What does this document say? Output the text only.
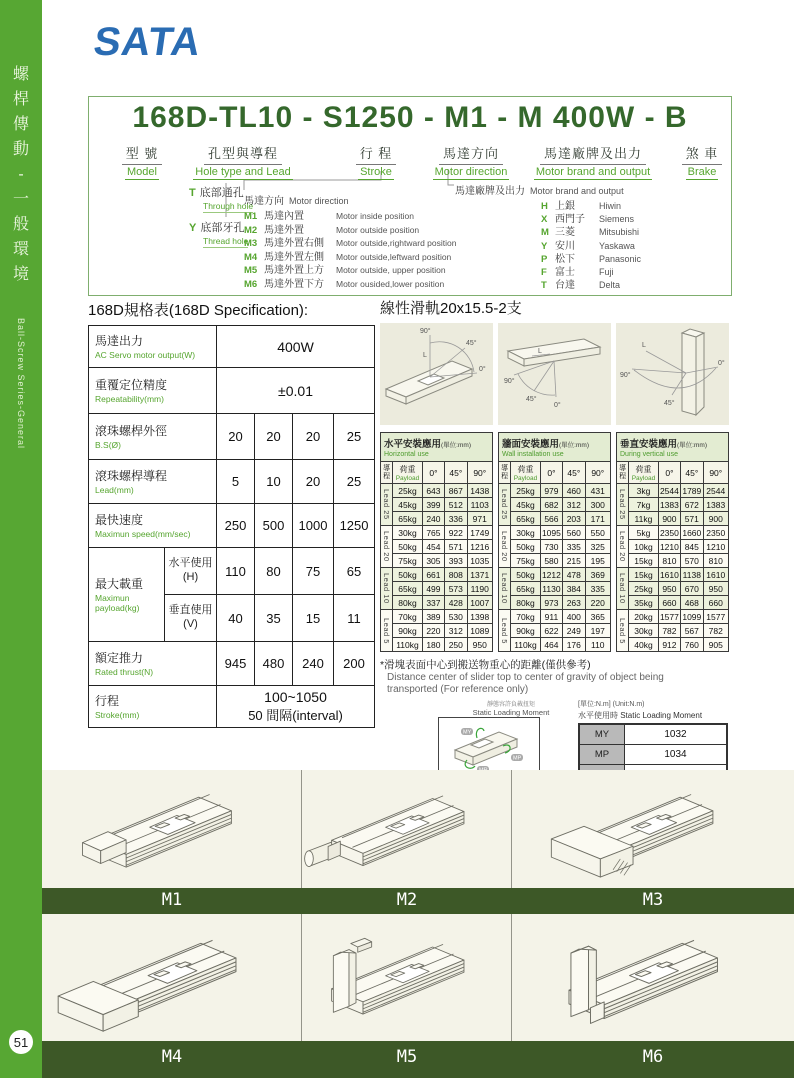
螺
桿
傳
動
-
一
般
環
境
Ball-Screw Series-General
51
SATA
168D-TL10 - S1250 - M1 - M 400W - B
型 號
Model
孔型與導程
Hole type and Lead
行 程
Stroke
馬達方向
Motor direction
馬達廠牌及出力
Motor brand and output
煞 車
Brake
T 底部通孔
Through hole
Y 底部牙孔
Thread hole
馬達方向 Motor direction
M1 馬達內置	Motor inside position
M2 馬達外置	Motor outside position
M3 馬達外置右側	Motor outside,rightward position
M4 馬達外置左側	Motor outside,leftward position
M5 馬達外置上方	Motor outside, upper position
M6 馬達外置下方	Motor ousided,lower position
馬達廠牌及出力 Motor brand and output
H 上銀	Hiwin
X 西門子	Siemens
M 三菱	Mitsubishi
Y 安川	Yaskawa
P 松下	Panasonic
F 富士	Fuji
T 台達	Delta
168D規格表(168D Specification):
馬達出力
AC Servo motor output(W)		400W			

重覆定位精度
Repeatability(mm)		±0.01			

滾珠螺桿外徑
B.S(Ø)		20	20	20	25

滾珠螺桿導程
Lead(mm)		5	10	20	25

最快速度
Maximun speed(mm/sec)		250	500	1000	1250

最大載重
Maximun payload(kg)

水平使用
(H)	110	80	75	65

	垂直使用
(V)	40	35	15	11

額定推力
Rated thrust(N)		945	480	240	200

行程
Stroke(mm)		100~1050
50 間隔(interval)			
線性滑軌20x15.5-2支
90°
L
45°
0°
L
90°
45°
0°
L
90°
45°
0°
水平安裝應用(單位:mm)
Horizontal use				

導程	荷重
Payload	0°	45°	90°

Lead 25	25kg	643	867	1438
	45kg	399	512	1103
	65kg	240	336	971

Lead 20	30kg	765	922	1749
	50kg	454	571	1216
	75kg	305	393	1035

Lead 10	50kg	661	808	1371
	65kg	499	573	1190
	80kg	337	428	1007

Lead 5	70kg	389	530	1398
	90kg	220	312	1089
	110kg	180	250	950
牆面安裝應用(單位:mm)
Wall installation use				

導程	荷重
Payload	0°	45°	90°

Lead 25	25kg	979	460	431
	45kg	682	312	300
	65kg	566	203	171

Lead 20	30kg	1095	560	550
	50kg	730	335	325
	75kg	580	215	195

Lead 10	50kg	1212	478	369
	65kg	1130	384	335
	80kg	973	263	220

Lead 5	70kg	911	400	365
	90kg	622	249	197
	110kg	464	176	110
垂直安裝應用(單位:mm)
During vertical use				

導程	荷重
Payload	0°	45°	90°

Lead 25	3kg	2544	1789	2544
	7kg	1383	672	1383
	11kg	900	571	900

Lead 20	5kg	2350	1660	2350
	10kg	1210	845	1210
	15kg	810	570	810

Lead 10	15kg	1610	1138	1610
	25kg	950	670	950
	35kg	660	468	660

Lead 5	20kg	1577	1099	1577
	30kg	782	567	782
	40kg	912	760	905
*滑塊表面中心到搬送物重心的距離(僅供參考)
Distance center of slider top to center of gravity of object being transported (For reference only)
靜態容許負載扭矩
Static Loading Moment
MY
MP
[單位:N.m] (Unit:N.m)
水平使用時 Static Loading Moment
MY	1032
MP	1034

M1	M2	M3
M4	M5	M6
